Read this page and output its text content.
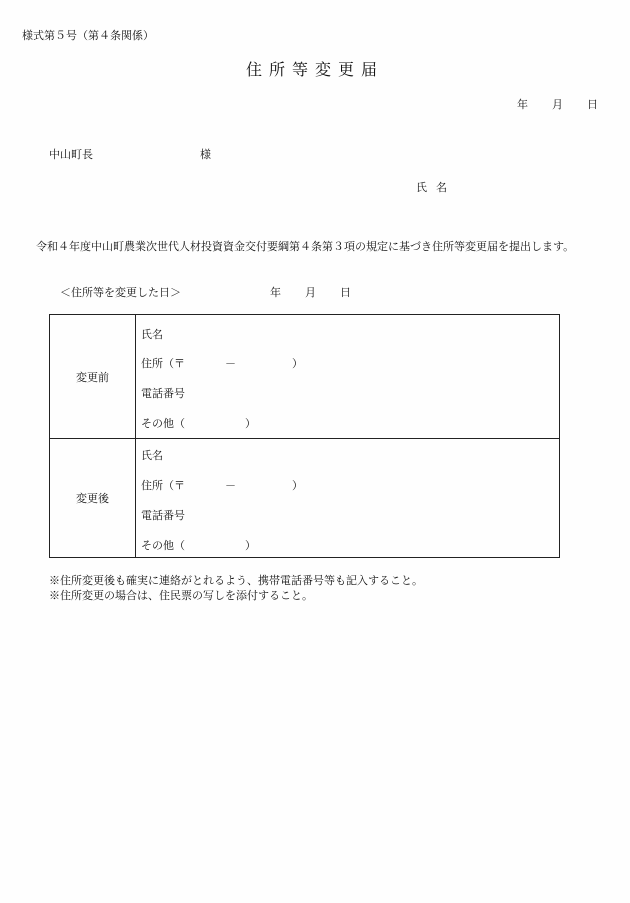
様式第５号（第４条関係）
住所等変更届
年 月 日
中山町長	様
氏名
令和４年度中山町農業次世代人材投資資金交付要綱第４条第３項の規定に基づき住所等変更届を提出します。
＜住所等を変更した日＞	年 月 日
変更前
氏名
住所（〒	－	）
電話番号
その他（	）
変更後
氏名
住所（〒	－	）
電話番号
その他（	）
※住所変更後も確実に連絡がとれるよう、携帯電話番号等も記入すること。
※住所変更の場合は、住民票の写しを添付すること。
